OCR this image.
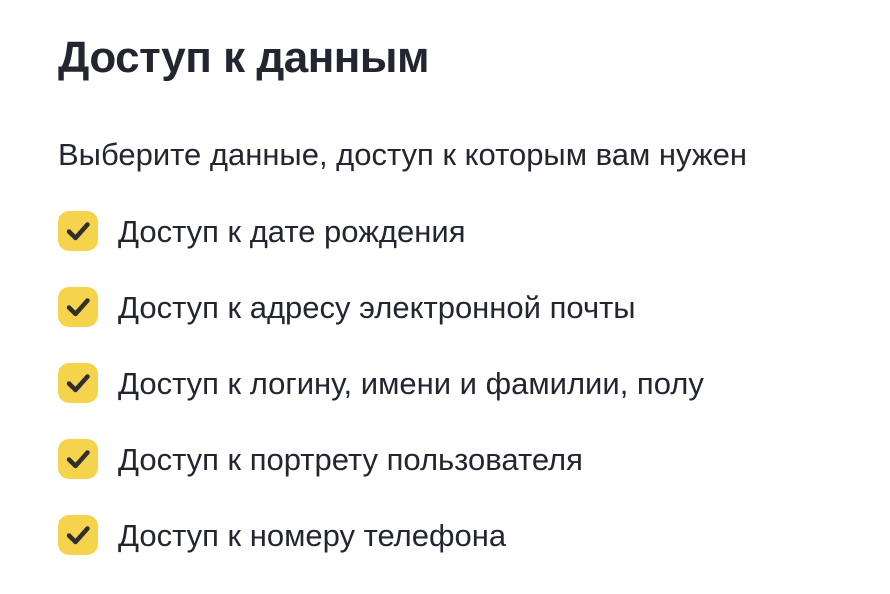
Доступ к данным
Выберите данные, доступ к которым вам нужен
Доступ к дате рождения
Доступ к адресу электронной почты
Доступ к логину, имени и фамилии, полу
Доступ к портрету пользователя
Доступ к номеру телефона
